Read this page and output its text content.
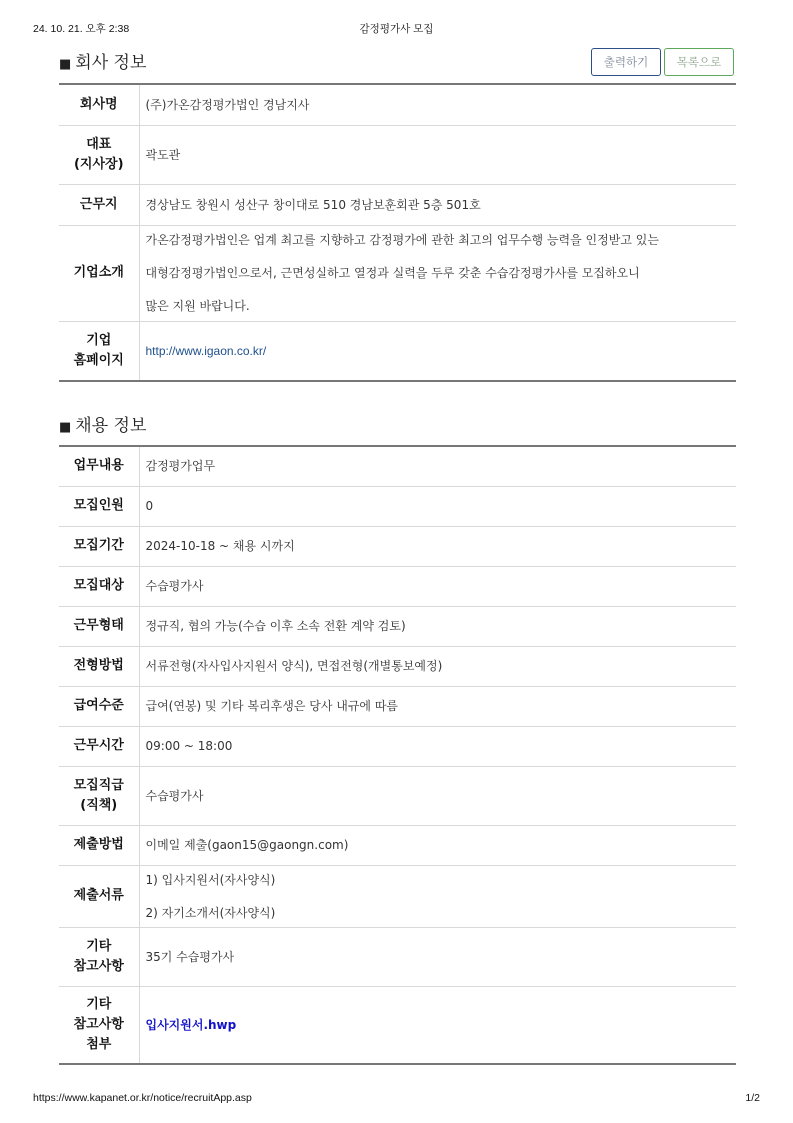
24. 10. 21. 오후 2:38	감정평가사 모집
■ 회사 정보	출력하기	목록으로
회사명	(주)가온감정평가법인 경남지사

대표
(지사장)	곽도관
근무지	경상남도 창원시 성산구 창이대로 510 경남보훈회관 5층 501호
기업소개	가온감정평가법인은 업계 최고를 지향하고 감정평가에 관한 최고의 업무수행 능력을 인정받고 있는
대형감정평가법인으로서, 근면성실하고 열정과 실력을 두루 갖춘 수습감정평가사를 모집하오니
많은 지원 바랍니다.

기업
홈페이지	http://www.igaon.co.kr/
■ 채용 정보
업무내용	감정평가업무
모집인원	0
모집기간	2024-10-18 ~ 채용 시까지
모집대상	수습평가사
근무형태	정규직, 협의 가능(수습 이후 소속 전환 계약 검토)
전형방법	서류전형(자사입사지원서 양식), 면접전형(개별통보예정)
급여수준	급여(연봉) 및 기타 복리후생은 당사 내규에 따름
근무시간	09:00 ~ 18:00

모집직급
(직책)	수습평가사
제출방법	이메일 제출(gaon15@gaongn.com)
제출서류	1) 입사지원서(자사양식)
2) 자기소개서(자사양식)

기타
참고사항	35기 수습평가사

기타
참고사항
첨부	입사지원서.hwp
https://www.kapanet.or.kr/notice/recruitApp.asp	1/2
